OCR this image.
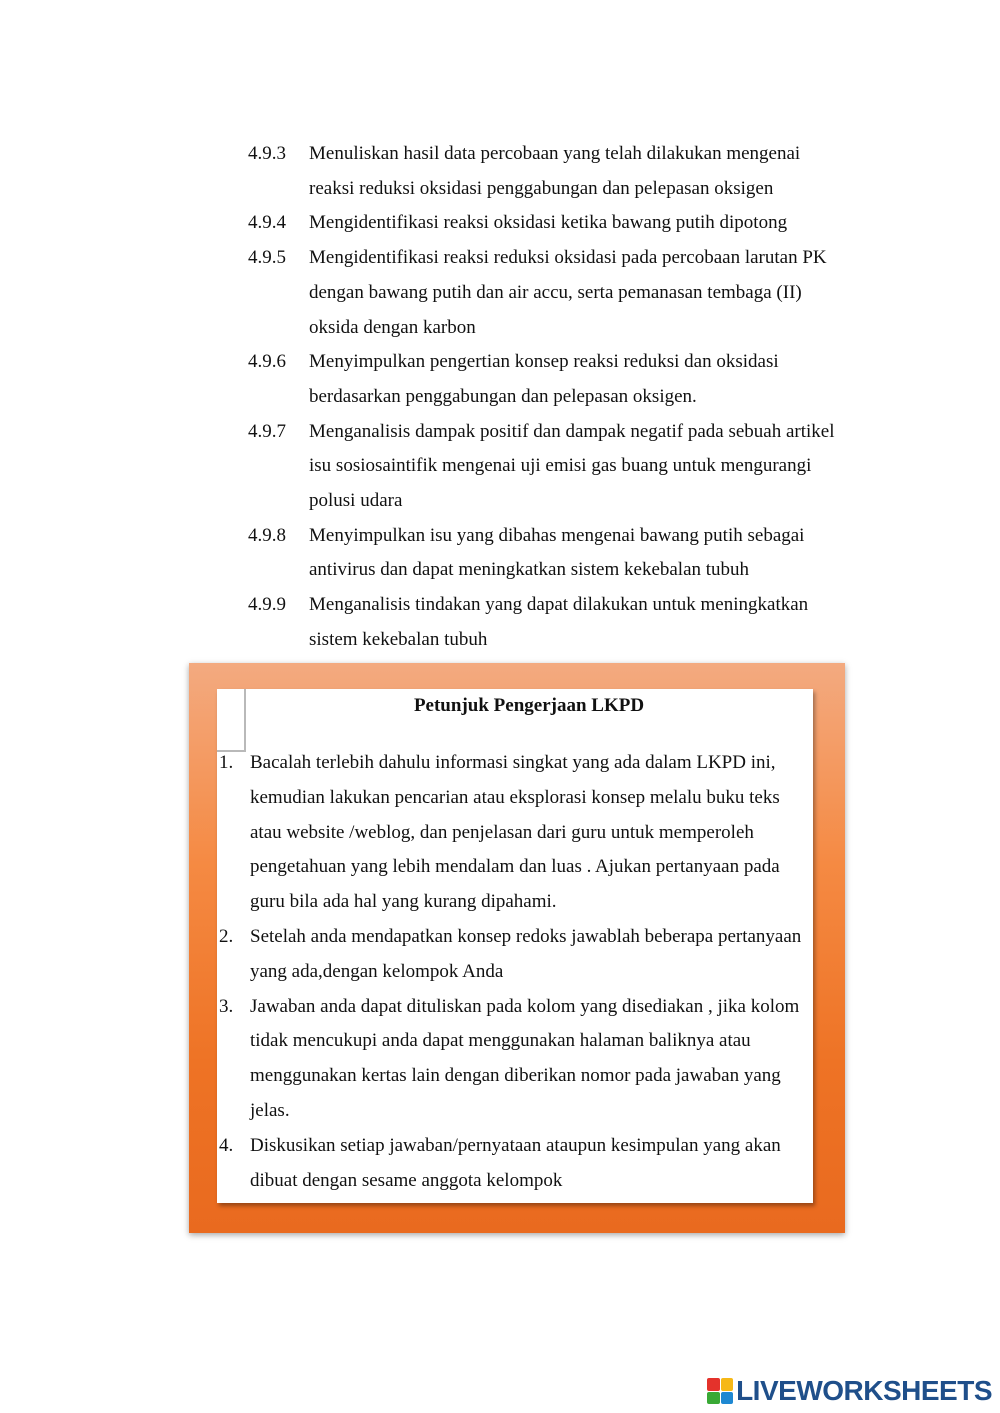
4.9.3	Menuliskan hasil data percobaan yang telah dilakukan mengenai reaksi reduksi oksidasi penggabungan dan pelepasan oksigen
4.9.4	Mengidentifikasi reaksi oksidasi ketika bawang putih dipotong
4.9.5	Mengidentifikasi reaksi reduksi oksidasi pada percobaan larutan PK dengan bawang putih dan air accu, serta pemanasan tembaga (II) oksida dengan karbon
4.9.6	Menyimpulkan pengertian konsep reaksi reduksi dan oksidasi berdasarkan penggabungan dan pelepasan oksigen.
4.9.7	Menganalisis dampak positif dan dampak negatif pada sebuah artikel isu sosiosaintifik mengenai uji emisi gas buang untuk mengurangi polusi udara
4.9.8	Menyimpulkan isu yang dibahas mengenai bawang putih sebagai antivirus dan dapat meningkatkan sistem kekebalan tubuh
4.9.9	Menganalisis tindakan yang dapat dilakukan untuk meningkatkan sistem kekebalan tubuh
Petunjuk Pengerjaan LKPD
1. Bacalah terlebih dahulu informasi singkat yang ada dalam LKPD ini, kemudian lakukan pencarian atau eksplorasi konsep melalu buku teks atau website /weblog, dan penjelasan dari guru untuk memperoleh pengetahuan yang lebih mendalam dan luas . Ajukan pertanyaan pada guru bila ada hal yang kurang dipahami.
2. Setelah anda mendapatkan konsep redoks jawablah beberapa pertanyaan yang ada,dengan kelompok Anda
3. Jawaban anda dapat dituliskan pada kolom yang disediakan , jika kolom tidak mencukupi anda dapat menggunakan halaman baliknya atau menggunakan kertas lain dengan diberikan nomor pada jawaban yang jelas.
4. Diskusikan setiap jawaban/pernyataan ataupun kesimpulan yang akan dibuat dengan sesame anggota kelompok
LIVEWORKSHEETS
